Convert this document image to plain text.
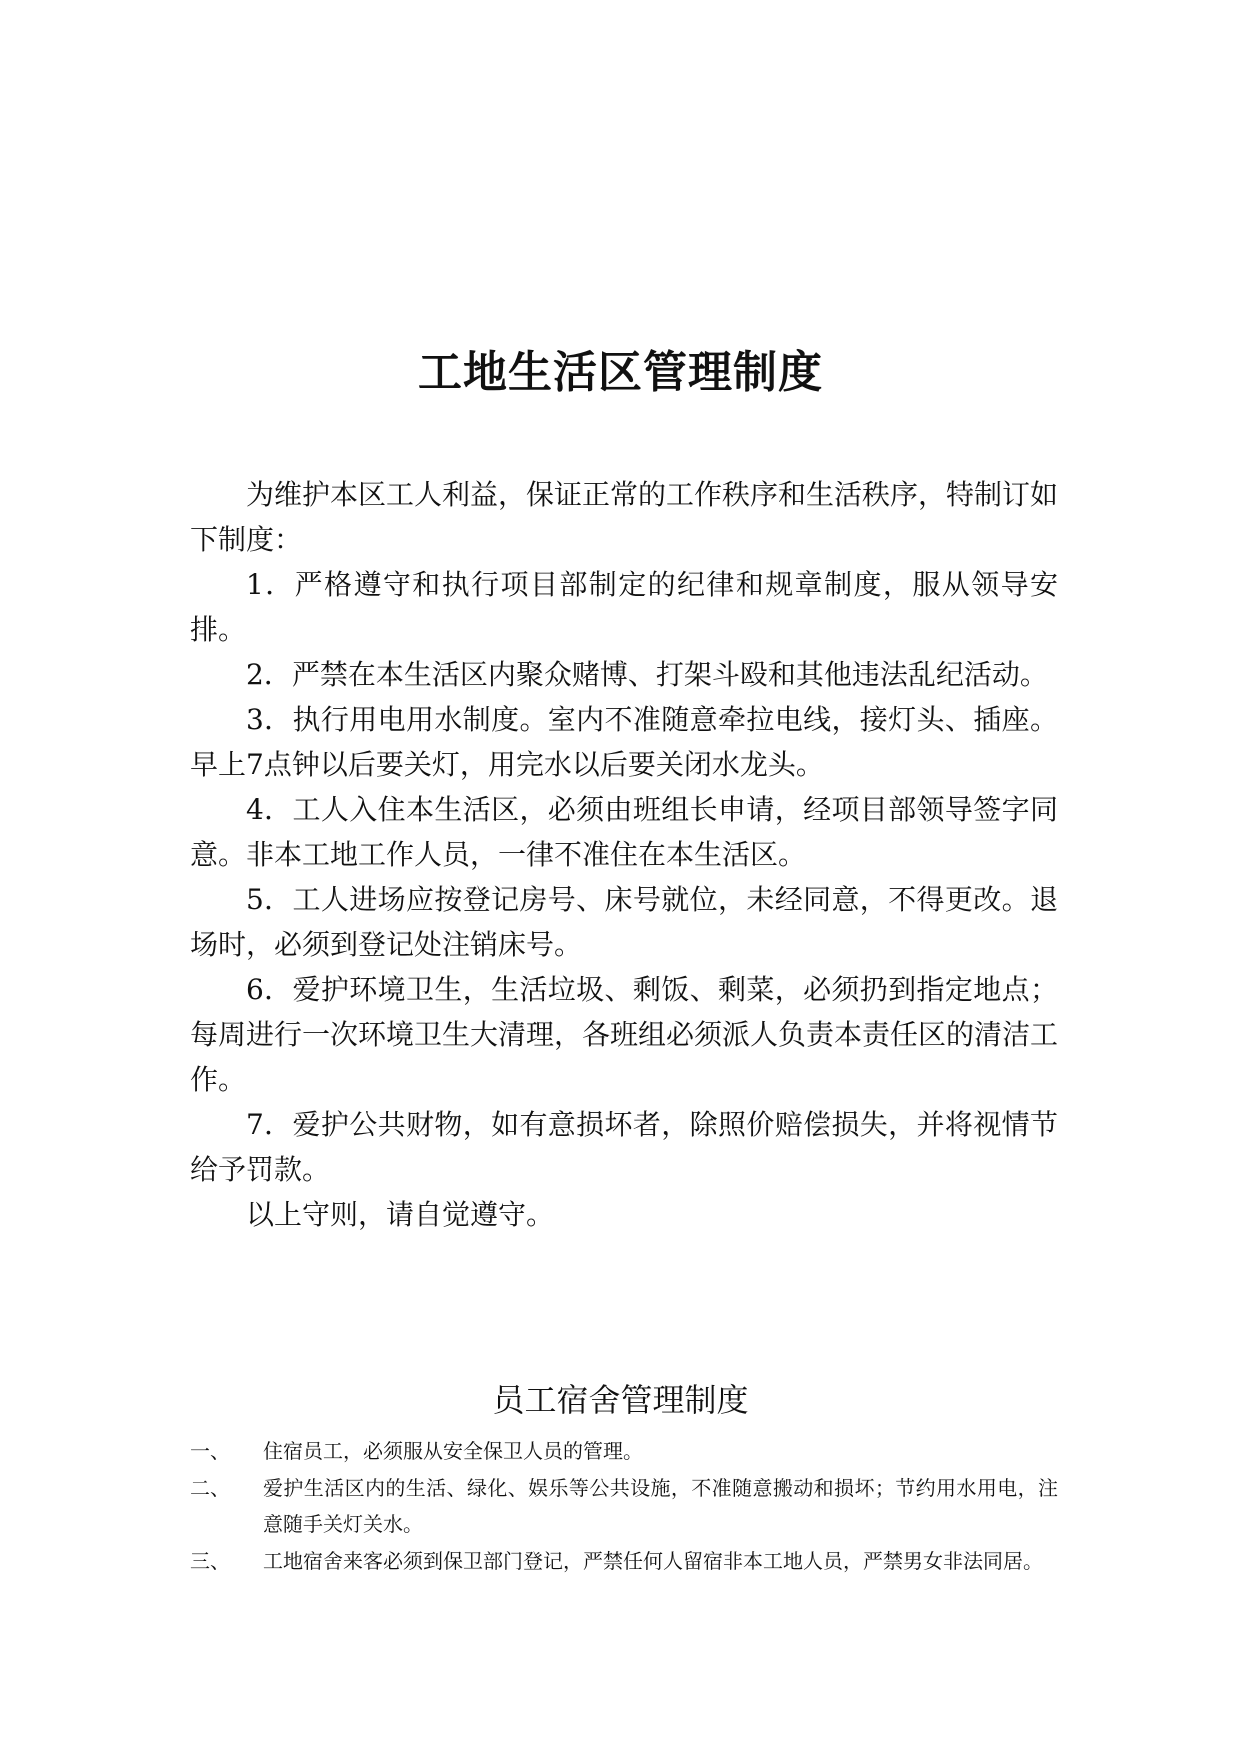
工地生活区管理制度

为维护本区工人利益，保证正常的工作秩序和生活秩序，特制订如下制度：

1．严格遵守和执行项目部制定的纪律和规章制度，服从领导安排。

2．严禁在本生活区内聚众赌博、打架斗殴和其他违法乱纪活动。

3．执行用电用水制度。室内不准随意牵拉电线，接灯头、插座。早上7点钟以后要关灯，用完水以后要关闭水龙头。

4．工人入住本生活区，必须由班组长申请，经项目部领导签字同意。非本工地工作人员，一律不准住在本生活区。

5．工人进场应按登记房号、床号就位，未经同意，不得更改。退场时，必须到登记处注销床号。

6．爱护环境卫生，生活垃圾、剩饭、剩菜，必须扔到指定地点；每周进行一次环境卫生大清理，各班组必须派人负责本责任区的清洁工作。

7．爱护公共财物，如有意损坏者，除照价赔偿损失，并将视情节给予罚款。

以上守则，请自觉遵守。

员工宿舍管理制度
一、 住宿员工，必须服从安全保卫人员的管理。
二、 爱护生活区内的生活、绿化、娱乐等公共设施，不准随意搬动和损坏；节约用水用电，注意随手关灯关水。
三、 工地宿舍来客必须到保卫部门登记，严禁任何人留宿非本工地人员，严禁男女非法同居。
